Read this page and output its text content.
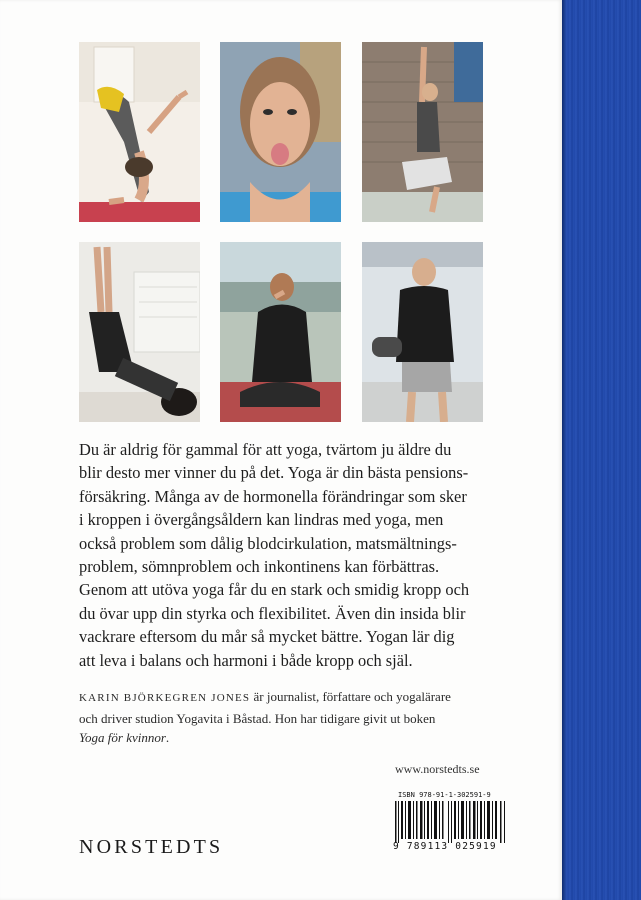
Du är aldrig för gammal för att yoga, tvärtom ju äldre du
blir desto mer vinner du på det. Yoga är din bästa pensions-
försäkring. Många av de hormonella förändringar som sker
i kroppen i övergångsåldern kan lindras med yoga, men
också problem som dålig blodcirkulation, matsmältnings-
problem, sömnproblem och inkontinens kan förbättras.
Genom att utöva yoga får du en stark och smidig kropp och
du övar upp din styrka och flexibilitet. Även din insida blir
vackrare eftersom du mår så mycket bättre. Yogan lär dig
att leva i balans och harmoni i både kropp och själ.

KARIN BJÖRKEGREN JONES är journalist, författare och yogalärare
och driver studion Yogavita i Båstad. Hon har tidigare givit ut boken
Yoga för kvinnor.

www.norstedts.se
ISBN 978-91-1-302591-9
9 789113 025919
NORSTEDTS
